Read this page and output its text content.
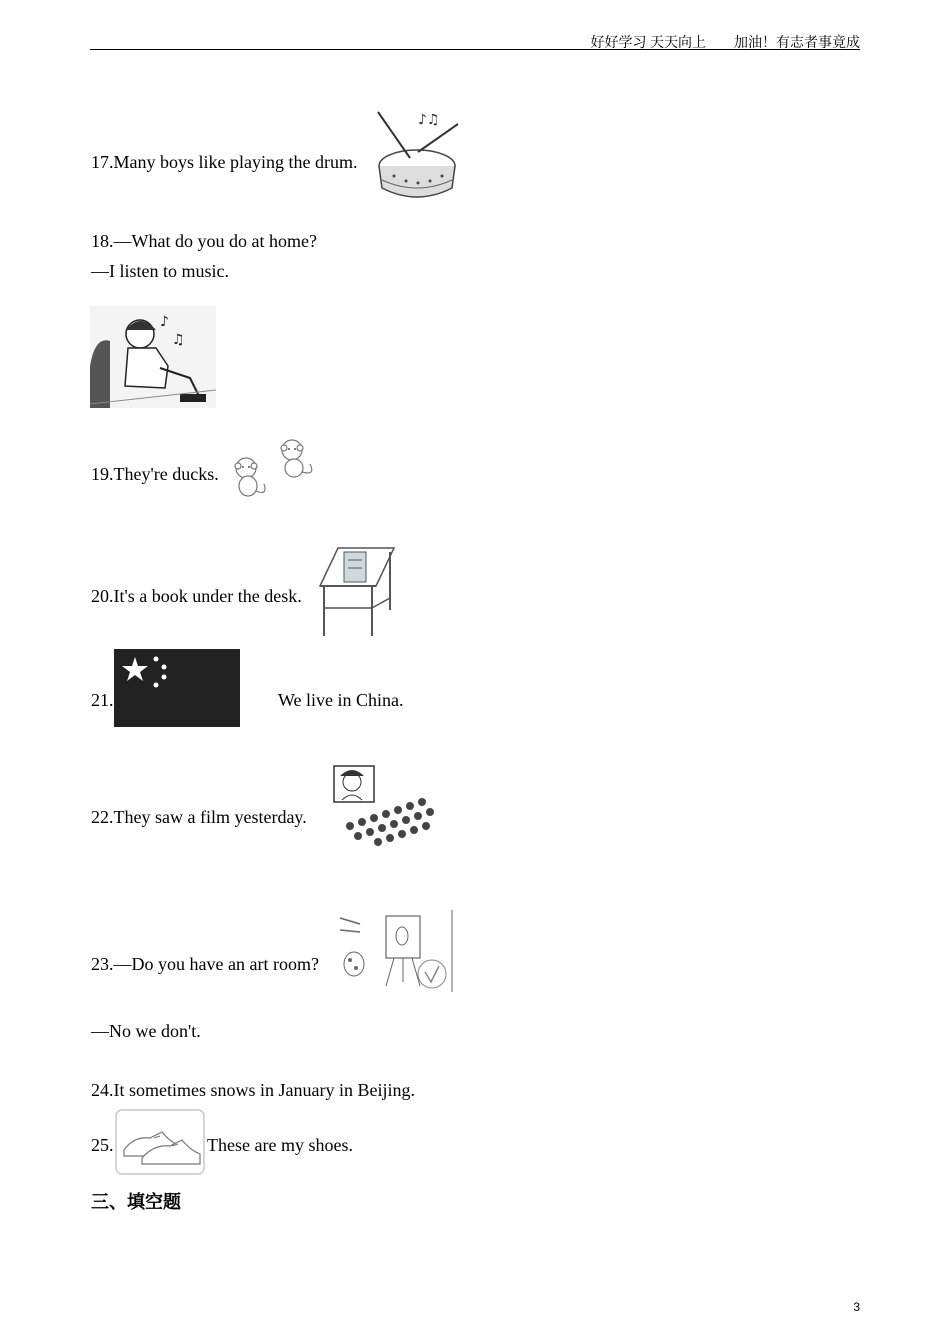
好好学习 天天向上 加油！有志者事竟成
17.Many boys like playing the drum.
♪♫
18.—What do you do at home?
—I listen to music.
♪
♫
19.They're ducks.
20.It's a book under the desk.
21.	We live in China.
22.They saw a film yesterday.
23.—Do you have an art room?
—No we don't.
24.It sometimes snows in January in Beijing.
25.	These are my shoes.
三、填空题
3
